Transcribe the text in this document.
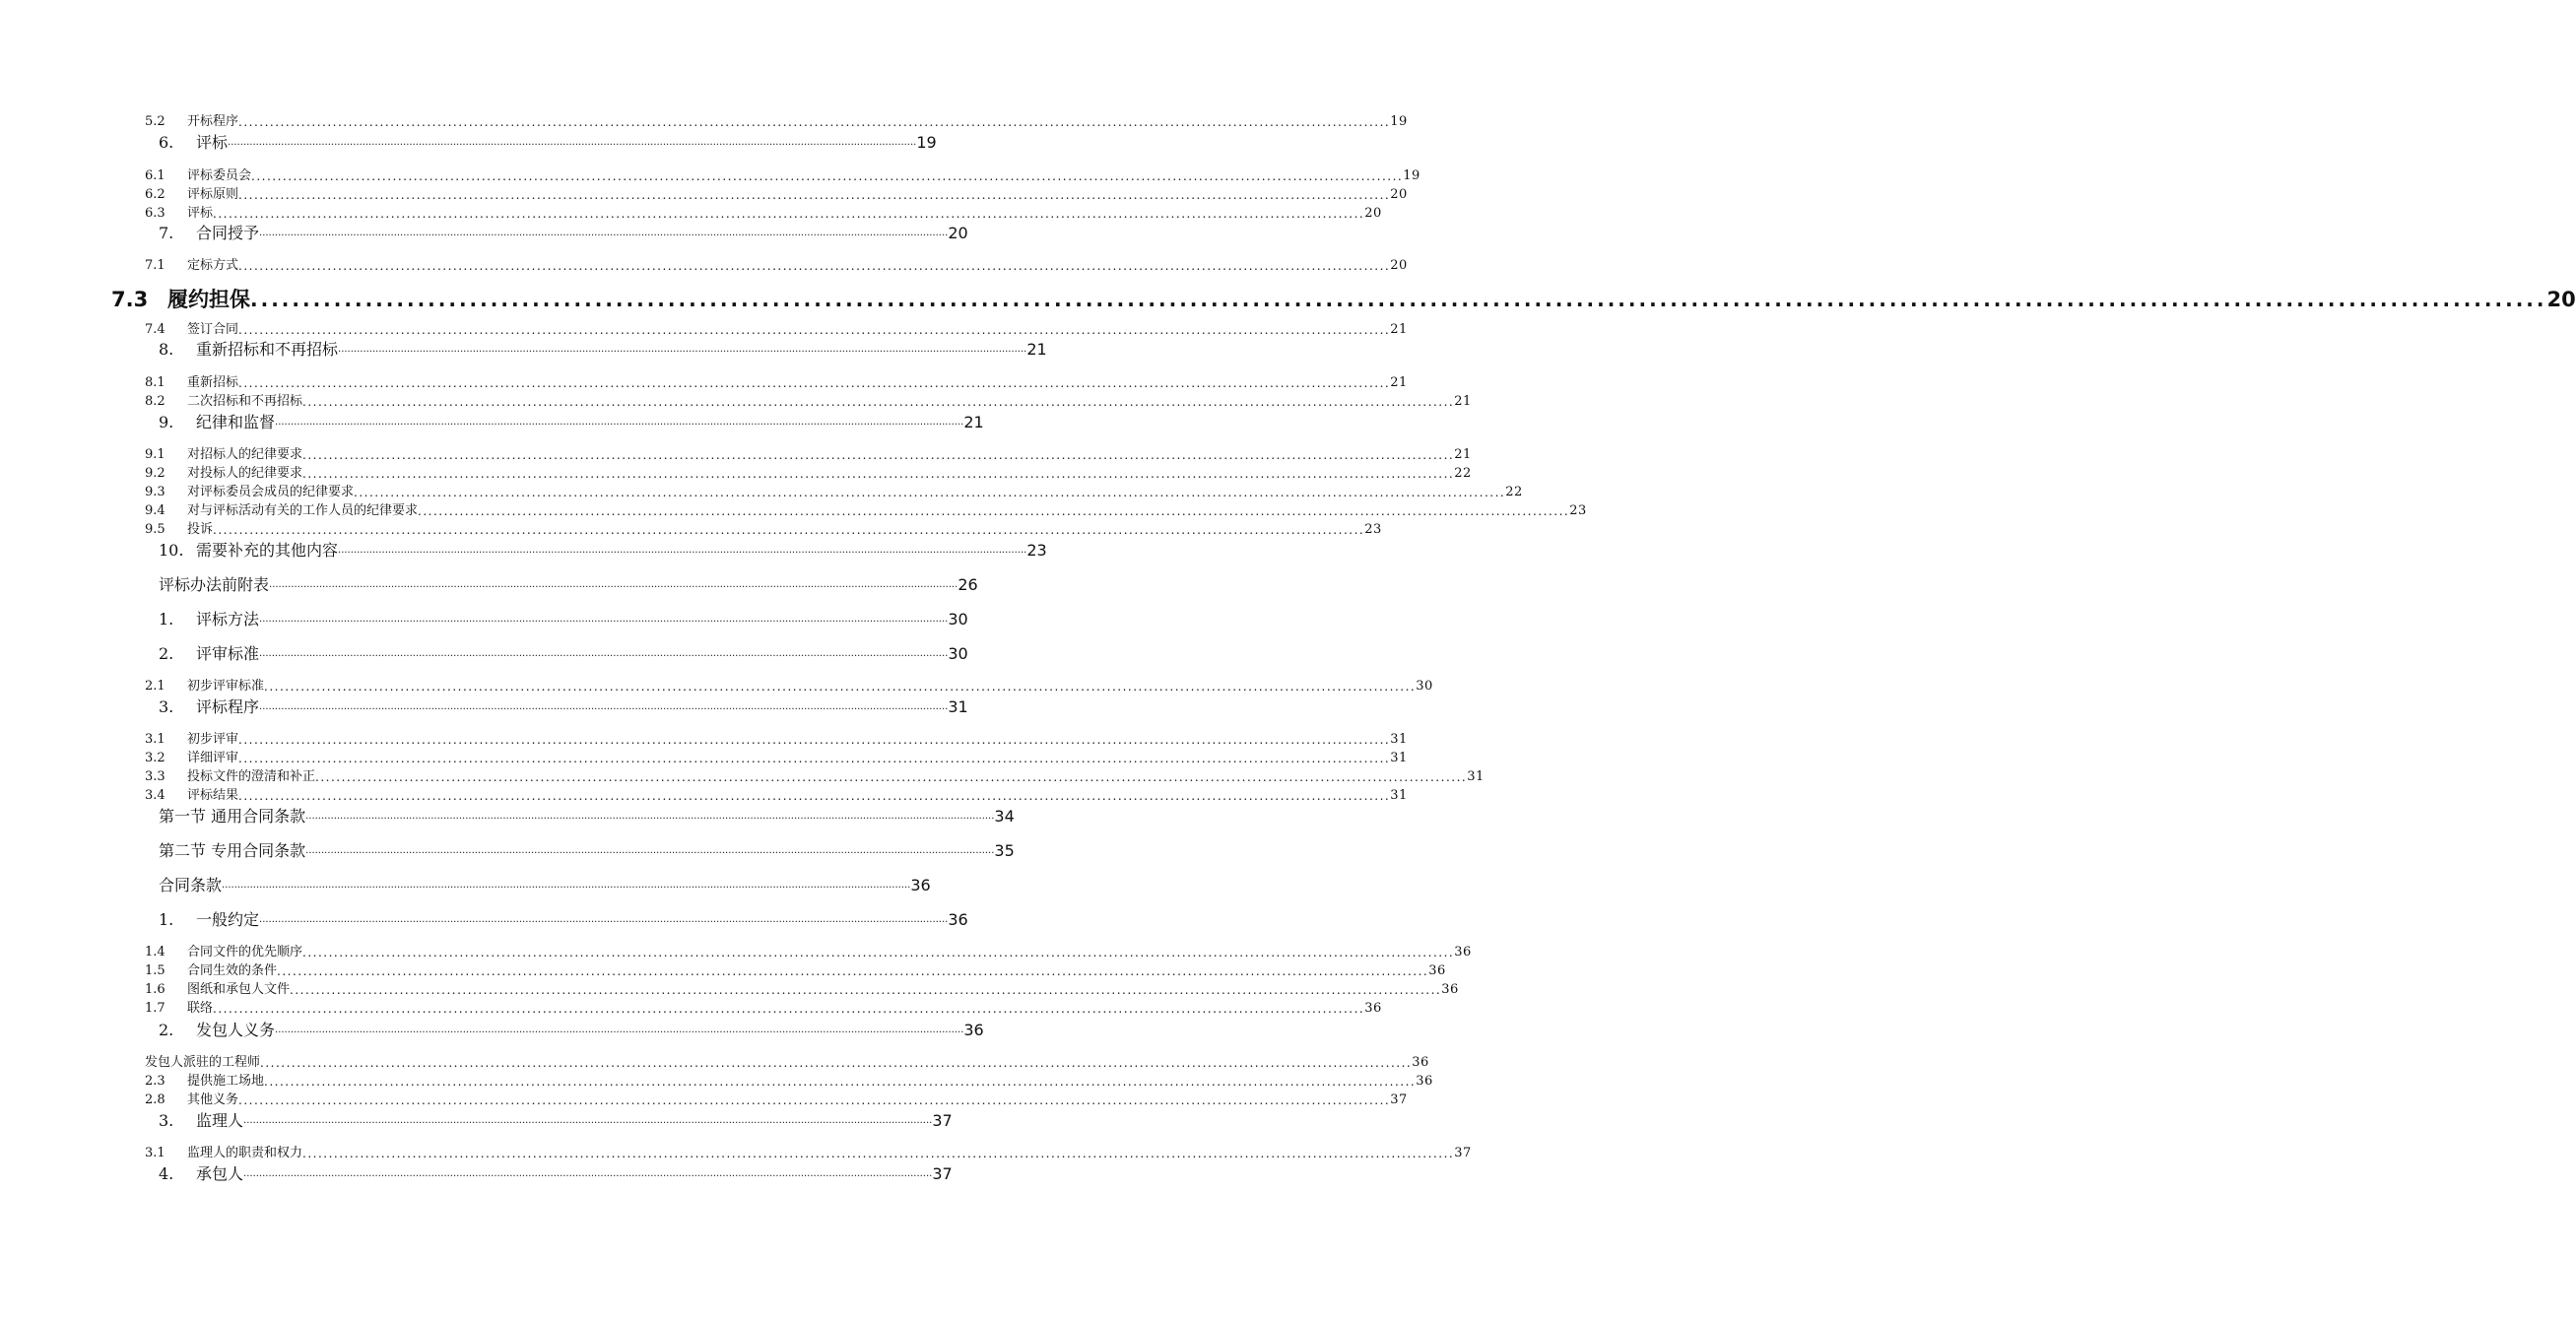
5.2	开标程序 ............................................................................................................................................................................................................................ 19
6.	评标 ............................................................................................................................................................................................................................ 19
6.1	评标委员会 ............................................................................................................................................................................................................................ 19
6.2	评标原则 ............................................................................................................................................................................................................................ 20
6.3	评标 ............................................................................................................................................................................................................................ 20
7.	合同授予 ............................................................................................................................................................................................................................ 20
7.1	定标方式 ............................................................................................................................................................................................................................ 20
7.3 履约担保 ............................................................................................................................................................................................................................ 20
7.4	签订合同 ............................................................................................................................................................................................................................ 21
8.	重新招标和不再招标 ............................................................................................................................................................................................................................ 21
8.1	重新招标 ............................................................................................................................................................................................................................ 21
8.2	二次招标和不再招标 ............................................................................................................................................................................................................................ 21
9.	纪律和监督 ............................................................................................................................................................................................................................ 21
9.1	对招标人的纪律要求 ............................................................................................................................................................................................................................ 21
9.2	对投标人的纪律要求 ............................................................................................................................................................................................................................ 22
9.3	对评标委员会成员的纪律要求 ............................................................................................................................................................................................................................ 22
9.4	对与评标活动有关的工作人员的纪律要求 ............................................................................................................................................................................................................................ 23
9.5	投诉 ............................................................................................................................................................................................................................ 23
10. 需要补充的其他内容 ............................................................................................................................................................................................................................ 23
评标办法前附表 ............................................................................................................................................................................................................................ 26
1.	评标方法 ............................................................................................................................................................................................................................ 30
2.	评审标准 ............................................................................................................................................................................................................................ 30
2.1	初步评审标准 ............................................................................................................................................................................................................................ 30
3.	评标程序 ............................................................................................................................................................................................................................ 31
3.1	初步评审 ............................................................................................................................................................................................................................ 31
3.2	详细评审 ............................................................................................................................................................................................................................ 31
3.3	投标文件的澄清和补正 ............................................................................................................................................................................................................................ 31
3.4	评标结果 ............................................................................................................................................................................................................................ 31
第一节 通用合同条款 ............................................................................................................................................................................................................................ 34
第二节 专用合同条款 ............................................................................................................................................................................................................................ 35
合同条款 ............................................................................................................................................................................................................................ 36
1.	一般约定 ............................................................................................................................................................................................................................ 36
1.4	合同文件的优先顺序 ............................................................................................................................................................................................................................ 36
1.5	合同生效的条件 ............................................................................................................................................................................................................................ 36
1.6	图纸和承包人文件 ............................................................................................................................................................................................................................ 36
1.7	联络 ............................................................................................................................................................................................................................ 36
2.	发包人义务 ............................................................................................................................................................................................................................ 36
发包人派驻的工程师 ............................................................................................................................................................................................................................ 36
2.3	提供施工场地 ............................................................................................................................................................................................................................ 36
2.8	其他义务 ............................................................................................................................................................................................................................ 37
3.	监理人 ............................................................................................................................................................................................................................ 37
3.1	监理人的职责和权力 ............................................................................................................................................................................................................................ 37
4.	承包人 ............................................................................................................................................................................................................................ 37
